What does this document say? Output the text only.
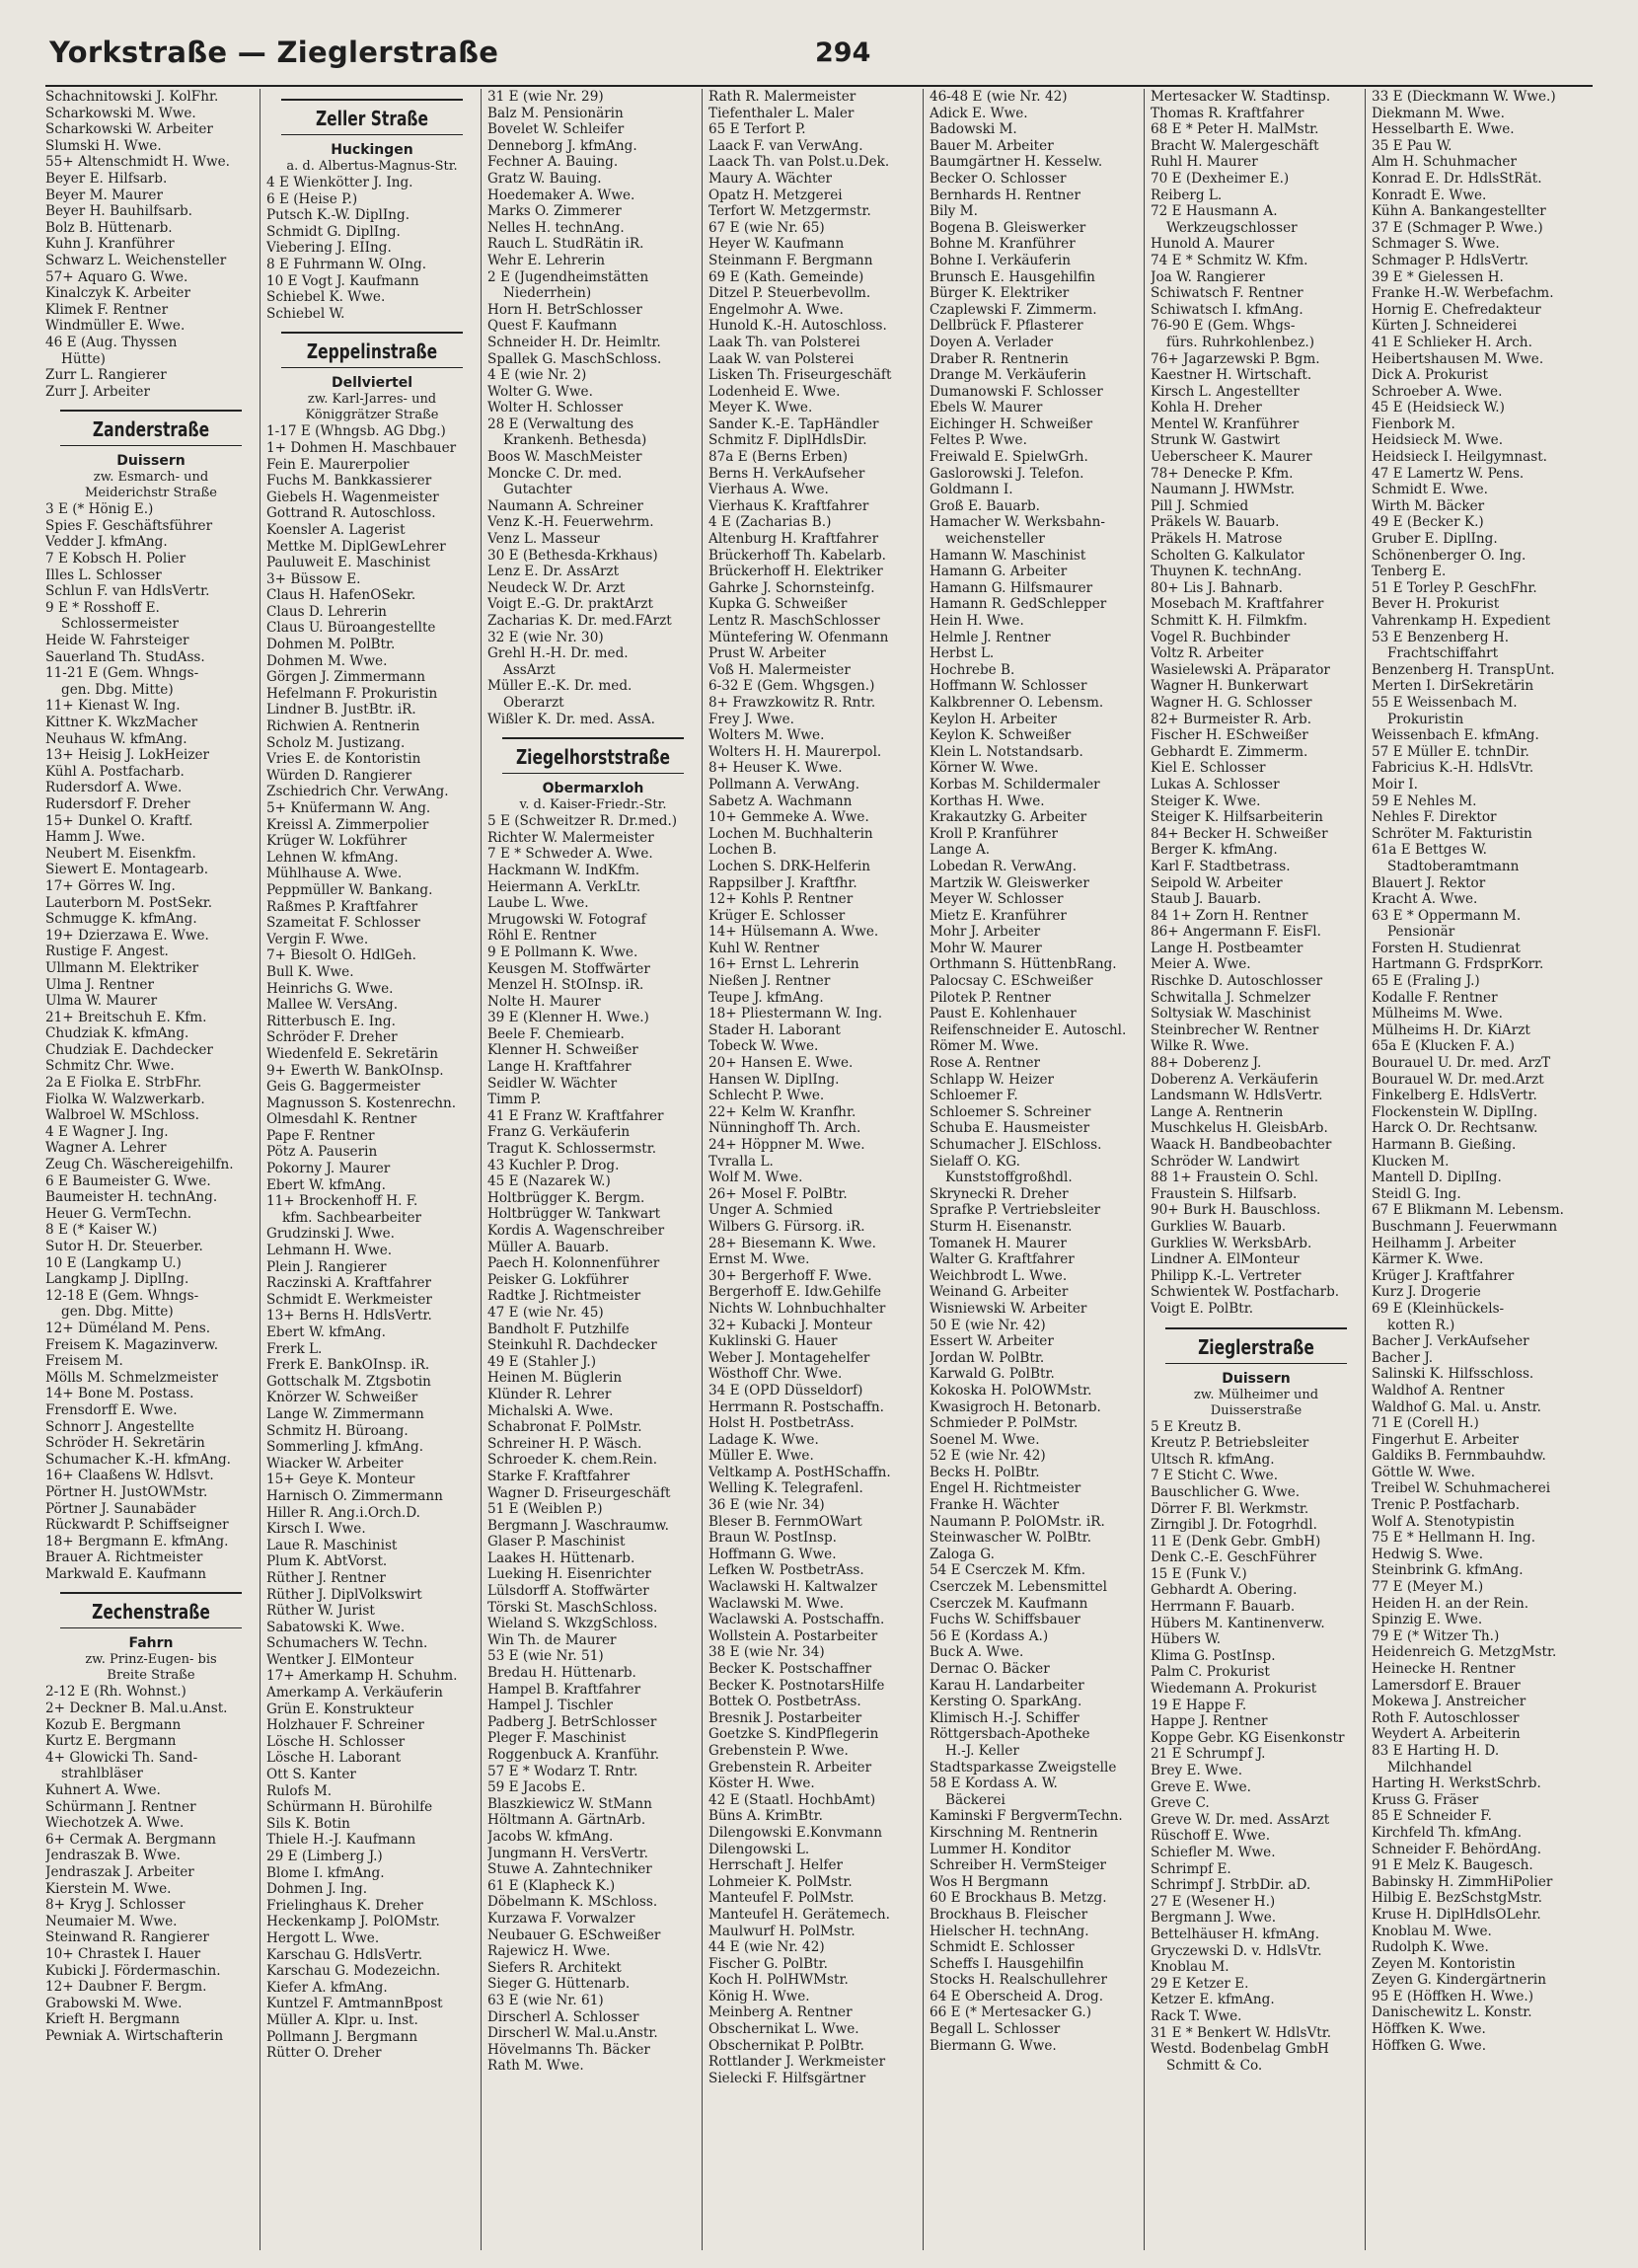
Yorkstraße — Zieglerstraße	294
Schachnitowski J. KolFhr.
Scharkowski M. Wwe.
Scharkowski W. Arbeiter
Slumski H. Wwe.
55+ Altenschmidt H. Wwe.
Beyer E. Hilfsarb.
Beyer M. Maurer
Beyer H. Bauhilfsarb.
Bolz B. Hüttenarb.
Kuhn J. Kranführer
Schwarz L. Weichensteller
57+ Aquaro G. Wwe.
Kinalczyk K. Arbeiter
Klimek F. Rentner
Windmüller E. Wwe.
46 E (Aug. Thyssen
Hütte)
Zurr L. Rangierer
Zurr J. Arbeiter
Zanderstraße
Duissern
zw. Esmarch- und
Meiderichstr Straße
3 E (* Hönig E.)
Spies F. Geschäftsführer
Vedder J. kfmAng.
7 E Kobsch H. Polier
Illes L. Schlosser
Schlun F. van HdlsVertr.
9 E * Rosshoff E.
Schlossermeister
Heide W. Fahrsteiger
Sauerland Th. StudAss.
11-21 E (Gem. Whngs-
gen. Dbg. Mitte)
11+ Kienast W. Ing.
Kittner K. WkzMacher
Neuhaus W. kfmAng.
13+ Heisig J. LokHeizer
Kühl A. Postfacharb.
Rudersdorf A. Wwe.
Rudersdorf F. Dreher
15+ Dunkel O. Kraftf.
Hamm J. Wwe.
Neubert M. Eisenkfm.
Siewert E. Montagearb.
17+ Görres W. Ing.
Lauterborn M. PostSekr.
Schmugge K. kfmAng.
19+ Dzierzawa E. Wwe.
Rustige F. Angest.
Ullmann M. Elektriker
Ulma J. Rentner
Ulma W. Maurer
21+ Breitschuh E. Kfm.
Chudziak K. kfmAng.
Chudziak E. Dachdecker
Schmitz Chr. Wwe.
2a E Fiolka E. StrbFhr.
Fiolka W. Walzwerkarb.
Walbroel W. MSchloss.
4 E Wagner J. Ing.
Wagner A. Lehrer
Zeug Ch. Wäschereigehilfn.
6 E Baumeister G. Wwe.
Baumeister H. technAng.
Heuer G. VermTechn.
8 E (* Kaiser W.)
Sutor H. Dr. Steuerber.
10 E (Langkamp U.)
Langkamp J. DiplIng.
12-18 E (Gem. Whngs-
gen. Dbg. Mitte)
12+ Düméland M. Pens.
Freisem K. Magazinverw.
Freisem M.
Mölls M. Schmelzmeister
14+ Bone M. Postass.
Frensdorff E. Wwe.
Schnorr J. Angestellte
Schröder H. Sekretärin
Schumacher K.-H. kfmAng.
16+ Claaßens W. Hdlsvt.
Pörtner H. JustOWMstr.
Pörtner J. Saunabäder
Rückwardt P. Schiffseigner
18+ Bergmann E. kfmAng.
Brauer A. Richtmeister
Markwald E. Kaufmann
Zechenstraße
Fahrn
zw. Prinz-Eugen- bis
Breite Straße
2-12 E (Rh. Wohnst.)
2+ Deckner B. Mal.u.Anst.
Kozub E. Bergmann
Kurtz E. Bergmann
4+ Glowicki Th. Sand-
strahlbläser
Kuhnert A. Wwe.
Schürmann J. Rentner
Wiechotzek A. Wwe.
6+ Cermak A. Bergmann
Jendraszak B. Wwe.
Jendraszak J. Arbeiter
Kierstein M. Wwe.
8+ Kryg J. Schlosser
Neumaier M. Wwe.
Steinwand R. Rangierer
10+ Chrastek I. Hauer
Kubicki J. Fördermaschin.
12+ Daubner F. Bergm.
Grabowski M. Wwe.
Krieft H. Bergmann
Pewniak A. Wirtschafterin
Zeller Straße
Huckingen
a. d. Albertus-Magnus-Str.
4 E Wienkötter J. Ing.
6 E (Heise P.)
Putsch K.-W. DiplIng.
Schmidt G. DiplIng.
Viebering J. EIIng.
8 E Fuhrmann W. OIng.
10 E Vogt J. Kaufmann
Schiebel K. Wwe.
Schiebel W.
Zeppelinstraße
Dellviertel
zw. Karl-Jarres- und
Königgrätzer Straße
1-17 E (Whngsb. AG Dbg.)
1+ Dohmen H. Maschbauer
Fein E. Maurerpolier
Fuchs M. Bankkassierer
Giebels H. Wagenmeister
Gottrand R. Autoschloss.
Koensler A. Lagerist
Mettke M. DiplGewLehrer
Pauluweit E. Maschinist
3+ Büssow E.
Claus H. HafenOSekr.
Claus D. Lehrerin
Claus U. Büroangestellte
Dohmen M. PolBtr.
Dohmen M. Wwe.
Görgen J. Zimmermann
Hefelmann F. Prokuristin
Lindner B. JustBtr. iR.
Richwien A. Rentnerin
Scholz M. Justizang.
Vries E. de Kontoristin
Würden D. Rangierer
Zschiedrich Chr. VerwAng.
5+ Knüfermann W. Ang.
Kreissl A. Zimmerpolier
Krüger W. Lokführer
Lehnen W. kfmAng.
Mühlhause A. Wwe.
Peppmüller W. Bankang.
Raßmes P. Kraftfahrer
Szameitat F. Schlosser
Vergin F. Wwe.
7+ Biesolt O. HdlGeh.
Bull K. Wwe.
Heinrichs G. Wwe.
Mallee W. VersAng.
Ritterbusch E. Ing.
Schröder F. Dreher
Wiedenfeld E. Sekretärin
9+ Ewerth W. BankOInsp.
Geis G. Baggermeister
Magnusson S. Kostenrechn.
Olmesdahl K. Rentner
Pape F. Rentner
Pötz A. Pauserin
Pokorny J. Maurer
Ebert W. kfmAng.
11+ Brockenhoff H. F.
kfm. Sachbearbeiter
Grudzinski J. Wwe.
Lehmann H. Wwe.
Plein J. Rangierer
Raczinski A. Kraftfahrer
Schmidt E. Werkmeister
13+ Berns H. HdlsVertr.
Ebert W. kfmAng.
Frerk L.
Frerk E. BankOInsp. iR.
Gottschalk M. Ztgsbotin
Knörzer W. Schweißer
Lange W. Zimmermann
Schmitz H. Büroang.
Sommerling J. kfmAng.
Wiacker W. Arbeiter
15+ Geye K. Monteur
Harnisch O. Zimmermann
Hiller R. Ang.i.Orch.D.
Kirsch I. Wwe.
Laue R. Maschinist
Plum K. AbtVorst.
Rüther J. Rentner
Rüther J. DiplVolkswirt
Rüther W. Jurist
Sabatowski K. Wwe.
Schumachers W. Techn.
Wentker J. ElMonteur
17+ Amerkamp H. Schuhm.
Amerkamp A. Verkäuferin
Grün E. Konstrukteur
Holzhauer F. Schreiner
Lösche H. Schlosser
Lösche H. Laborant
Ott S. Kanter
Rulofs M.
Schürmann H. Bürohilfe
Sils K. Botin
Thiele H.-J. Kaufmann
29 E (Limberg J.)
Blome I. kfmAng.
Dohmen J. Ing.
Frielinghaus K. Dreher
Heckenkamp J. PolOMstr.
Hergott L. Wwe.
Karschau G. HdlsVertr.
Karschau G. Modezeichn.
Kiefer A. kfmAng.
Kuntzel F. AmtmannBpost
Müller A. Klpr. u. Inst.
Pollmann J. Bergmann
Rütter O. Dreher
31 E (wie Nr. 29)
Balz M. Pensionärin
Bovelet W. Schleifer
Denneborg J. kfmAng.
Fechner A. Bauing.
Gratz W. Bauing.
Hoedemaker A. Wwe.
Marks O. Zimmerer
Nelles H. technAng.
Rauch L. StudRätin iR.
Wehr E. Lehrerin
2 E (Jugendheimstätten
Niederrhein)
Horn H. BetrSchlosser
Quest F. Kaufmann
Schneider H. Dr. Heimltr.
Spallek G. MaschSchloss.
4 E (wie Nr. 2)
Wolter G. Wwe.
Wolter H. Schlosser
28 E (Verwaltung des
Krankenh. Bethesda)
Boos W. MaschMeister
Moncke C. Dr. med.
Gutachter
Naumann A. Schreiner
Venz K.-H. Feuerwehrm.
Venz L. Masseur
30 E (Bethesda-Krkhaus)
Lenz E. Dr. AssArzt
Neudeck W. Dr. Arzt
Voigt E.-G. Dr. praktArzt
Zacharias K. Dr. med.FArzt
32 E (wie Nr. 30)
Grehl H.-H. Dr. med.
AssArzt
Müller E.-K. Dr. med.
Oberarzt
Wißler K. Dr. med. AssA.
Ziegelhorststraße
Obermarxloh
v. d. Kaiser-Friedr.-Str.
5 E (Schweitzer R. Dr.med.)
Richter W. Malermeister
7 E * Schweder A. Wwe.
Hackmann W. IndKfm.
Heiermann A. VerkLtr.
Laube L. Wwe.
Mrugowski W. Fotograf
Röhl E. Rentner
9 E Pollmann K. Wwe.
Keusgen M. Stoffwärter
Menzel H. StOInsp. iR.
Nolte H. Maurer
39 E (Klenner H. Wwe.)
Beele F. Chemiearb.
Klenner H. Schweißer
Lange H. Kraftfahrer
Seidler W. Wächter
Timm P.
41 E Franz W. Kraftfahrer
Franz G. Verkäuferin
Tragut K. Schlossermstr.
43 Kuchler P. Drog.
45 E (Nazarek W.)
Holtbrügger K. Bergm.
Holtbrügger W. Tankwart
Kordis A. Wagenschreiber
Müller A. Bauarb.
Paech H. Kolonnenführer
Peisker G. Lokführer
Radtke J. Richtmeister
47 E (wie Nr. 45)
Bandholt F. Putzhilfe
Steinkuhl R. Dachdecker
49 E (Stahler J.)
Heinen M. Büglerin
Klünder R. Lehrer
Michalski A. Wwe.
Schabronat F. PolMstr.
Schreiner H. P. Wäsch.
Schroeder K. chem.Rein.
Starke F. Kraftfahrer
Wagner D. Friseurgeschäft
51 E (Weiblen P.)
Bergmann J. Waschraumw.
Glaser P. Maschinist
Laakes H. Hüttenarb.
Lueking H. Eisenrichter
Lülsdorff A. Stoffwärter
Törski St. MaschSchloss.
Wieland S. WkzgSchloss.
Win Th. de Maurer
53 E (wie Nr. 51)
Bredau H. Hüttenarb.
Hampel B. Kraftfahrer
Hampel J. Tischler
Padberg J. BetrSchlosser
Pleger F. Maschinist
Roggenbuck A. Kranführ.
57 E * Wodarz T. Rntr.
59 E Jacobs E.
Blaszkiewicz W. StMann
Höltmann A. GärtnArb.
Jacobs W. kfmAng.
Jungmann H. VersVertr.
Stuwe A. Zahntechniker
61 E (Klapheck K.)
Döbelmann K. MSchloss.
Kurzawa F. Vorwalzer
Neubauer G. ESchweißer
Rajewicz H. Wwe.
Siefers R. Architekt
Sieger G. Hüttenarb.
63 E (wie Nr. 61)
Dirscherl A. Schlosser
Dirscherl W. Mal.u.Anstr.
Hövelmanns Th. Bäcker
Rath M. Wwe.
Rath R. Malermeister
Tiefenthaler L. Maler
65 E Terfort P.
Laack F. van VerwAng.
Laack Th. van Polst.u.Dek.
Maury A. Wächter
Opatz H. Metzgerei
Terfort W. Metzgermstr.
67 E (wie Nr. 65)
Heyer W. Kaufmann
Steinmann F. Bergmann
69 E (Kath. Gemeinde)
Ditzel P. Steuerbevollm.
Engelmohr A. Wwe.
Hunold K.-H. Autoschloss.
Laak Th. van Polsterei
Laak W. van Polsterei
Lisken Th. Friseurgeschäft
Lodenheid E. Wwe.
Meyer K. Wwe.
Sander K.-E. TapHändler
Schmitz F. DiplHdlsDir.
87a E (Berns Erben)
Berns H. VerkAufseher
Vierhaus A. Wwe.
Vierhaus K. Kraftfahrer
4 E (Zacharias B.)
Altenburg H. Kraftfahrer
Brückerhoff Th. Kabelarb.
Brückerhoff H. Elektriker
Gahrke J. Schornsteinfg.
Kupka G. Schweißer
Lentz R. MaschSchlosser
Müntefering W. Ofenmann
Prust W. Arbeiter
Voß H. Malermeister
6-32 E (Gem. Whgsgen.)
8+ Frawzkowitz R. Rntr.
Frey J. Wwe.
Wolters M. Wwe.
Wolters H. H. Maurerpol.
8+ Heuser K. Wwe.
Pollmann A. VerwAng.
Sabetz A. Wachmann
10+ Gemmeke A. Wwe.
Lochen M. Buchhalterin
Lochen B.
Lochen S. DRK-Helferin
Rappsilber J. Kraftfhr.
12+ Kohls P. Rentner
Krüger E. Schlosser
14+ Hülsemann A. Wwe.
Kuhl W. Rentner
16+ Ernst L. Lehrerin
Nießen J. Rentner
Teupe J. kfmAng.
18+ Pliestermann W. Ing.
Stader H. Laborant
Tobeck W. Wwe.
20+ Hansen E. Wwe.
Hansen W. DiplIng.
Schlecht P. Wwe.
22+ Kelm W. Kranfhr.
Nünninghoff Th. Arch.
24+ Höppner M. Wwe.
Tvralla L.
Wolf M. Wwe.
26+ Mosel F. PolBtr.
Unger A. Schmied
Wilbers G. Fürsorg. iR.
28+ Biesemann K. Wwe.
Ernst M. Wwe.
30+ Bergerhoff F. Wwe.
Bergerhoff E. Idw.Gehilfe
Nichts W. Lohnbuchhalter
32+ Kubacki J. Monteur
Kuklinski G. Hauer
Weber J. Montagehelfer
Wösthoff Chr. Wwe.
34 E (OPD Düsseldorf)
Herrmann R. Postschaffn.
Holst H. PostbetrAss.
Ladage K. Wwe.
Müller E. Wwe.
Veltkamp A. PostHSchaffn.
Welling K. Telegrafenl.
36 E (wie Nr. 34)
Bleser B. FernmOWart
Braun W. PostInsp.
Hoffmann G. Wwe.
Lefken W. PostbetrAss.
Waclawski H. Kaltwalzer
Waclawski M. Wwe.
Waclawski A. Postschaffn.
Wollstein A. Postarbeiter
38 E (wie Nr. 34)
Becker K. Postschaffner
Becker K. PostnotarsHilfe
Bottek O. PostbetrAss.
Bresnik J. Postarbeiter
Goetzke S. KindPflegerin
Grebenstein P. Wwe.
Grebenstein R. Arbeiter
Köster H. Wwe.
42 E (Staatl. HochbAmt)
Büns A. KrimBtr.
Dilengowski E.Konvmann
Dilengowski L.
Herrschaft J. Helfer
Lohmeier K. PolMstr.
Manteufel F. PolMstr.
Manteufel H. Gerätemech.
Maulwurf H. PolMstr.
44 E (wie Nr. 42)
Fischer G. PolBtr.
Koch H. PolHWMstr.
König H. Wwe.
Meinberg A. Rentner
Obschernikat L. Wwe.
Obschernikat P. PolBtr.
Rottlander J. Werkmeister
Sielecki F. Hilfsgärtner
46-48 E (wie Nr. 42)
Adick E. Wwe.
Badowski M.
Bauer M. Arbeiter
Baumgärtner H. Kesselw.
Becker O. Schlosser
Bernhards H. Rentner
Bily M.
Bogena B. Gleiswerker
Bohne M. Kranführer
Bohne I. Verkäuferin
Brunsch E. Hausgehilfin
Bürger K. Elektriker
Czaplewski F. Zimmerm.
Dellbrück F. Pflasterer
Doyen A. Verlader
Draber R. Rentnerin
Drange M. Verkäuferin
Dumanowski F. Schlosser
Ebels W. Maurer
Eichinger H. Schweißer
Feltes P. Wwe.
Freiwald E. SpielwGrh.
Gaslorowski J. Telefon.
Goldmann I.
Groß E. Bauarb.
Hamacher W. Werksbahn-
weichensteller
Hamann W. Maschinist
Hamann G. Arbeiter
Hamann G. Hilfsmaurer
Hamann R. GedSchlepper
Hein H. Wwe.
Helmle J. Rentner
Herbst L.
Hochrebe B.
Hoffmann W. Schlosser
Kalkbrenner O. Lebensm.
Keylon H. Arbeiter
Keylon K. Schweißer
Klein L. Notstandsarb.
Körner W. Wwe.
Korbas M. Schildermaler
Korthas H. Wwe.
Krakautzky G. Arbeiter
Kroll P. Kranführer
Lange A.
Lobedan R. VerwAng.
Martzik W. Gleiswerker
Meyer W. Schlosser
Mietz E. Kranführer
Mohr J. Arbeiter
Mohr W. Maurer
Orthmann S. HüttenbRang.
Palocsay C. ESchweißer
Pilotek P. Rentner
Paust E. Kohlenhauer
Reifenschneider E. Autoschl.
Römer M. Wwe.
Rose A. Rentner
Schlapp W. Heizer
Schloemer F.
Schloemer S. Schreiner
Schuba E. Hausmeister
Schumacher J. ElSchloss.
Sielaff O. KG.
Kunststoffgroßhdl.
Skrynecki R. Dreher
Sprafke P. Vertriebsleiter
Sturm H. Eisenanstr.
Tomanek H. Maurer
Walter G. Kraftfahrer
Weichbrodt L. Wwe.
Weinand G. Arbeiter
Wisniewski W. Arbeiter
50 E (wie Nr. 42)
Essert W. Arbeiter
Jordan W. PolBtr.
Karwald G. PolBtr.
Kokoska H. PolOWMstr.
Kwasigroch H. Betonarb.
Schmieder P. PolMstr.
Soenel M. Wwe.
52 E (wie Nr. 42)
Becks H. PolBtr.
Engel H. Richtmeister
Franke H. Wächter
Naumann P. PolOMstr. iR.
Steinwascher W. PolBtr.
Zaloga G.
54 E Cserczek M. Kfm.
Cserczek M. Lebensmittel
Cserczek M. Kaufmann
Fuchs W. Schiffsbauer
56 E (Kordass A.)
Buck A. Wwe.
Dernac O. Bäcker
Karau H. Landarbeiter
Kersting O. SparkAng.
Klimisch H.-J. Schiffer
Röttgersbach-Apotheke
H.-J. Keller
Stadtsparkasse Zweigstelle
58 E Kordass A. W.
Bäckerei
Kaminski F BergvermTechn.
Kirschning M. Rentnerin
Lummer H. Konditor
Schreiber H. VermSteiger
Wos H Bergmann
60 E Brockhaus B. Metzg.
Brockhaus B. Fleischer
Hielscher H. technAng.
Schmidt E. Schlosser
Scheffs I. Hausgehilfin
Stocks H. Realschullehrer
64 E Oberscheid A. Drog.
66 E (* Mertesacker G.)
Begall L. Schlosser
Biermann G. Wwe.
Mertesacker W. Stadtinsp.
Thomas R. Kraftfahrer
68 E * Peter H. MalMstr.
Bracht W. Malergeschäft
Ruhl H. Maurer
70 E (Dexheimer E.)
Reiberg L.
72 E Hausmann A.
Werkzeugschlosser
Hunold A. Maurer
74 E * Schmitz W. Kfm.
Joa W. Rangierer
Schiwatsch F. Rentner
Schiwatsch I. kfmAng.
76-90 E (Gem. Whgs-
fürs. Ruhrkohlenbez.)
76+ Jagarzewski P. Bgm.
Kaestner H. Wirtschaft.
Kirsch L. Angestellter
Kohla H. Dreher
Mentel W. Kranführer
Strunk W. Gastwirt
Ueberscheer K. Maurer
78+ Denecke P. Kfm.
Naumann J. HWMstr.
Pill J. Schmied
Präkels W. Bauarb.
Präkels H. Matrose
Scholten G. Kalkulator
Thuynen K. technAng.
80+ Lis J. Bahnarb.
Mosebach M. Kraftfahrer
Schmitt K. H. Filmkfm.
Vogel R. Buchbinder
Voltz R. Arbeiter
Wasielewski A. Präparator
Wagner H. Bunkerwart
Wagner H. G. Schlosser
82+ Burmeister R. Arb.
Fischer H. ESchweißer
Gebhardt E. Zimmerm.
Kiel E. Schlosser
Lukas A. Schlosser
Steiger K. Wwe.
Steiger K. Hilfsarbeiterin
84+ Becker H. Schweißer
Berger K. kfmAng.
Karl F. Stadtbetrass.
Seipold W. Arbeiter
Staub J. Bauarb.
84 1+ Zorn H. Rentner
86+ Angermann F. EisFl.
Lange H. Postbeamter
Meier A. Wwe.
Rischke D. Autoschlosser
Schwitalla J. Schmelzer
Soltysiak W. Maschinist
Steinbrecher W. Rentner
Wilke R. Wwe.
88+ Doberenz J.
Doberenz A. Verkäuferin
Landsmann W. HdlsVertr.
Lange A. Rentnerin
Muschkelus H. GleisbArb.
Waack H. Bandbeobachter
Schröder W. Landwirt
88 1+ Fraustein O. Schl.
Fraustein S. Hilfsarb.
90+ Burk H. Bauschloss.
Gurklies W. Bauarb.
Gurklies W. WerksbArb.
Lindner A. ElMonteur
Philipp K.-L. Vertreter
Schwientek W. Postfacharb.
Voigt E. PolBtr.
Zieglerstraße
Duissern
zw. Mülheimer und
Duisserstraße
5 E Kreutz B.
Kreutz P. Betriebsleiter
Ultsch R. kfmAng.
7 E Sticht C. Wwe.
Bauschlicher G. Wwe.
Dörrer F. Bl. Werkmstr.
Zirngibl J. Dr. Fotogrhdl.
11 E (Denk Gebr. GmbH)
Denk C.-E. GeschFührer
15 E (Funk V.)
Gebhardt A. Obering.
Herrmann F. Bauarb.
Hübers M. Kantinenverw.
Hübers W.
Klima G. PostInsp.
Palm C. Prokurist
Wiedemann A. Prokurist
19 E Happe F.
Happe J. Rentner
Koppe Gebr. KG Eisenkonstr
21 E Schrumpf J.
Brey E. Wwe.
Greve E. Wwe.
Greve C.
Greve W. Dr. med. AssArzt
Rüschoff E. Wwe.
Schiefler M. Wwe.
Schrimpf E.
Schrimpf J. StrbDir. aD.
27 E (Wesener H.)
Bergmann J. Wwe.
Bettelhäuser H. kfmAng.
Gryczewski D. v. HdlsVtr.
Knoblau M.
29 E Ketzer E.
Ketzer E. kfmAng.
Rack T. Wwe.
31 E * Benkert W. HdlsVtr.
Westd. Bodenbelag GmbH
Schmitt & Co.
33 E (Dieckmann W. Wwe.)
Diekmann M. Wwe.
Hesselbarth E. Wwe.
35 E Pau W.
Alm H. Schuhmacher
Konrad E. Dr. HdlsStRät.
Konradt E. Wwe.
Kühn A. Bankangestellter
37 E (Schmager P. Wwe.)
Schmager S. Wwe.
Schmager P. HdlsVertr.
39 E * Gielessen H.
Franke H.-W. Werbefachm.
Hornig E. Chefredakteur
Kürten J. Schneiderei
41 E Schlieker H. Arch.
Heibertshausen M. Wwe.
Dick A. Prokurist
Schroeber A. Wwe.
45 E (Heidsieck W.)
Fienbork M.
Heidsieck M. Wwe.
Heidsieck I. Heilgymnast.
47 E Lamertz W. Pens.
Schmidt E. Wwe.
Wirth M. Bäcker
49 E (Becker K.)
Gruber E. DiplIng.
Schönenberger O. Ing.
Tenberg E.
51 E Torley P. GeschFhr.
Bever H. Prokurist
Vahrenkamp H. Expedient
53 E Benzenberg H.
Frachtschiffahrt
Benzenberg H. TranspUnt.
Merten I. DirSekretärin
55 E Weissenbach M.
Prokuristin
Weissenbach E. kfmAng.
57 E Müller E. tchnDir.
Fabricius K.-H. HdlsVtr.
Moir I.
59 E Nehles M.
Nehles F. Direktor
Schröter M. Fakturistin
61a E Bettges W.
Stadtoberamtmann
Blauert J. Rektor
Kracht A. Wwe.
63 E * Oppermann M.
Pensionär
Forsten H. Studienrat
Hartmann G. FrdsprKorr.
65 E (Fraling J.)
Kodalle F. Rentner
Mülheims M. Wwe.
Mülheims H. Dr. KiArzt
65a E (Klucken F. A.)
Bourauel U. Dr. med. ArzT
Bourauel W. Dr. med.Arzt
Finkelberg E. HdlsVertr.
Flockenstein W. DiplIng.
Harck O. Dr. Rechtsanw.
Harmann B. Gießing.
Klucken M.
Mantell D. DiplIng.
Steidl G. Ing.
67 E Blikmann M. Lebensm.
Buschmann J. Feuerwmann
Heilhamm J. Arbeiter
Kärmer K. Wwe.
Krüger J. Kraftfahrer
Kurz J. Drogerie
69 E (Kleinhückels-
kotten R.)
Bacher J. VerkAufseher
Bacher J.
Salinski K. Hilfsschloss.
Waldhof A. Rentner
Waldhof G. Mal. u. Anstr.
71 E (Corell H.)
Fingerhut E. Arbeiter
Galdiks B. Fernmbauhdw.
Göttle W. Wwe.
Treibel W. Schuhmacherei
Trenic P. Postfacharb.
Wolf A. Stenotypistin
75 E * Hellmann H. Ing.
Hedwig S. Wwe.
Steinbrink G. kfmAng.
77 E (Meyer M.)
Heiden H. an der Rein.
Spinzig E. Wwe.
79 E (* Witzer Th.)
Heidenreich G. MetzgMstr.
Heinecke H. Rentner
Lamersdorf E. Brauer
Mokewa J. Anstreicher
Roth F. Autoschlosser
Weydert A. Arbeiterin
83 E Harting H. D.
Milchhandel
Harting H. WerkstSchrb.
Kruss G. Fräser
85 E Schneider F.
Kirchfeld Th. kfmAng.
Schneider F. BehördAng.
91 E Melz K. Baugesch.
Babinsky H. ZimmHiPolier
Hilbig E. BezSchstgMstr.
Kruse H. DiplHdlsOLehr.
Knoblau M. Wwe.
Rudolph K. Wwe.
Zeyen M. Kontoristin
Zeyen G. Kindergärtnerin
95 E (Höffken H. Wwe.)
Danischewitz L. Konstr.
Höffken K. Wwe.
Höffken G. Wwe.
